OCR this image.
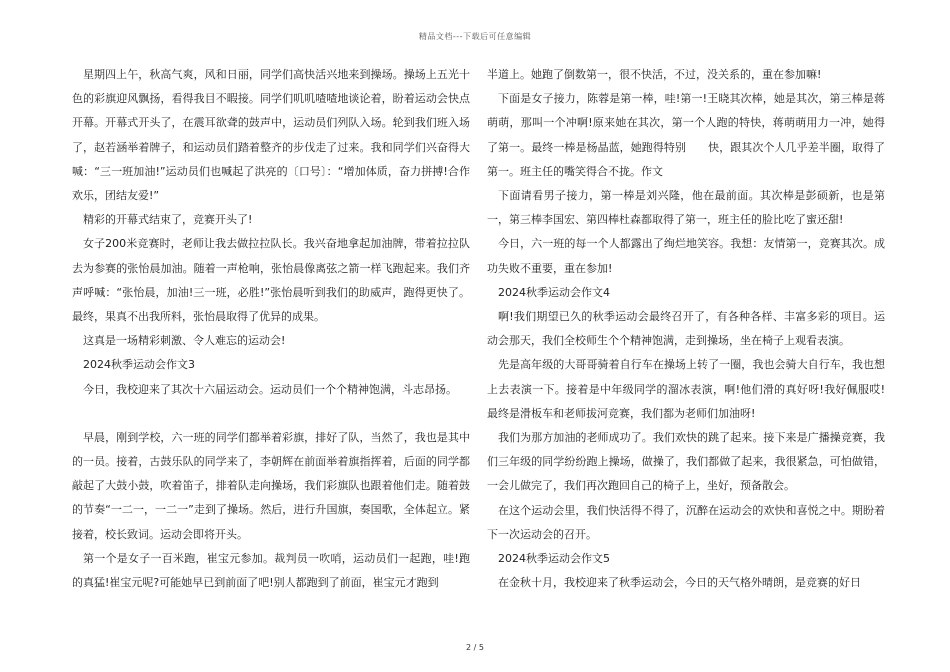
精品文档---下载后可任意编辑

星期四上午，秋高气爽，风和日丽，同学们高快活兴地来到操场。操场上五光十色的彩旗迎风飘扬，看得我目不暇接。同学们叽叽喳喳地谈论着，盼着运动会快点开幕。开幕式开头了，在震耳欲聋的鼓声中，运动员们列队入场。轮到我们班入场了，赵若涵举着牌子，和运动员们踏着整齐的步伐走了过来。我和同学们兴奋得大喊：“三一班加油!”运动员们也喊起了洪亮的〔口号〕：“增加体质，奋力拼搏!合作欢乐，团结友爱!”

精彩的开幕式结束了，竞赛开头了!

女子200米竞赛时，老师让我去做拉拉队长。我兴奋地拿起加油牌，带着拉拉队去为参赛的张怡晨加油。随着一声枪响，张怡晨像离弦之箭一样飞跑起来。我们齐声呼喊：“张怡晨，加油!三一班，必胜!”张怡晨听到我们的助威声，跑得更快了。最终，果真不出我所料，张怡晨取得了优异的成果。

这真是一场精彩刺激、令人难忘的运动会!

2024秋季运动会作文3

今日，我校迎来了其次十六届运动会。运动员们一个个精神饱满，斗志昂扬。

早晨，刚到学校，六一班的同学们都举着彩旗，排好了队，当然了，我也是其中的一员。接着，古鼓乐队的同学来了，李朝辉在前面举着旗指挥着，后面的同学都敲起了大鼓小鼓，吹着笛子，排着队走向操场，我们彩旗队也跟着他们走。随着鼓的节奏“一二一，一二一”走到了操场。然后，进行升国旗，奏国歌，全体起立。紧接着，校长致词。运动会即将开头。

第一个是女子一百米跑，崔宝元参加。裁判员一吹哨，运动员们一起跑，哇!跑的真猛!崔宝元呢?可能她早已到前面了吧!别人都跑到了前面，崔宝元才跑到

半道上。她跑了倒数第一，很不快活，不过，没关系的，重在参加嘛!

下面是女子接力，陈蓉是第一棒，哇!第一!王晓其次棒，她是其次，第三棒是蒋萌萌，那叫一个冲啊!原来她在其次，第一个人跑的特快，蒋萌萌用力一冲，她得了第一。最终一棒是杨晶蓝，她跑得特别　　快，跟其次个人几乎差半圈，取得了第一。班主任的嘴笑得合不拢。作文

下面请看男子接力，第一棒是刘兴隆，他在最前面。其次棒是彭硕新，也是第一，第三棒李国宏、第四棒杜森都取得了第一，班主任的脸比吃了蜜还甜!

今日，六一班的每一个人都露出了绚烂地笑容。我想：友情第一，竞赛其次。成功失败不重要，重在参加!

2024秋季运动会作文4

啊!我们期望已久的秋季运动会最终召开了，有各种各样、丰富多彩的项目。运动会那天，我们全校师生个个精神饱满，走到操场，坐在椅子上观看表演。

先是高年级的大哥哥骑着自行车在操场上转了一圈，我也会骑大自行车，我也想上去表演一下。接着是中年级同学的溜冰表演，啊!他们滑的真好呀!我好佩服哎!最终是滑板车和老师拔河竞赛，我们都为老师们加油呀!

我们为那方加油的老师成功了。我们欢快的跳了起来。接下来是广播操竞赛，我们三年级的同学纷纷跑上操场，做操了，我们都做了起来，我很紧急，可怕做错，一会儿做完了，我们再次跑回自己的椅子上，坐好，预备散会。

在这个运动会里，我们快活得不得了，沉醉在运动会的欢快和喜悦之中。期盼着下一次运动会的召开。

2024秋季运动会作文5

在金秋十月，我校迎来了秋季运动会，今日的天气格外晴朗，是竞赛的好日

2 / 5
